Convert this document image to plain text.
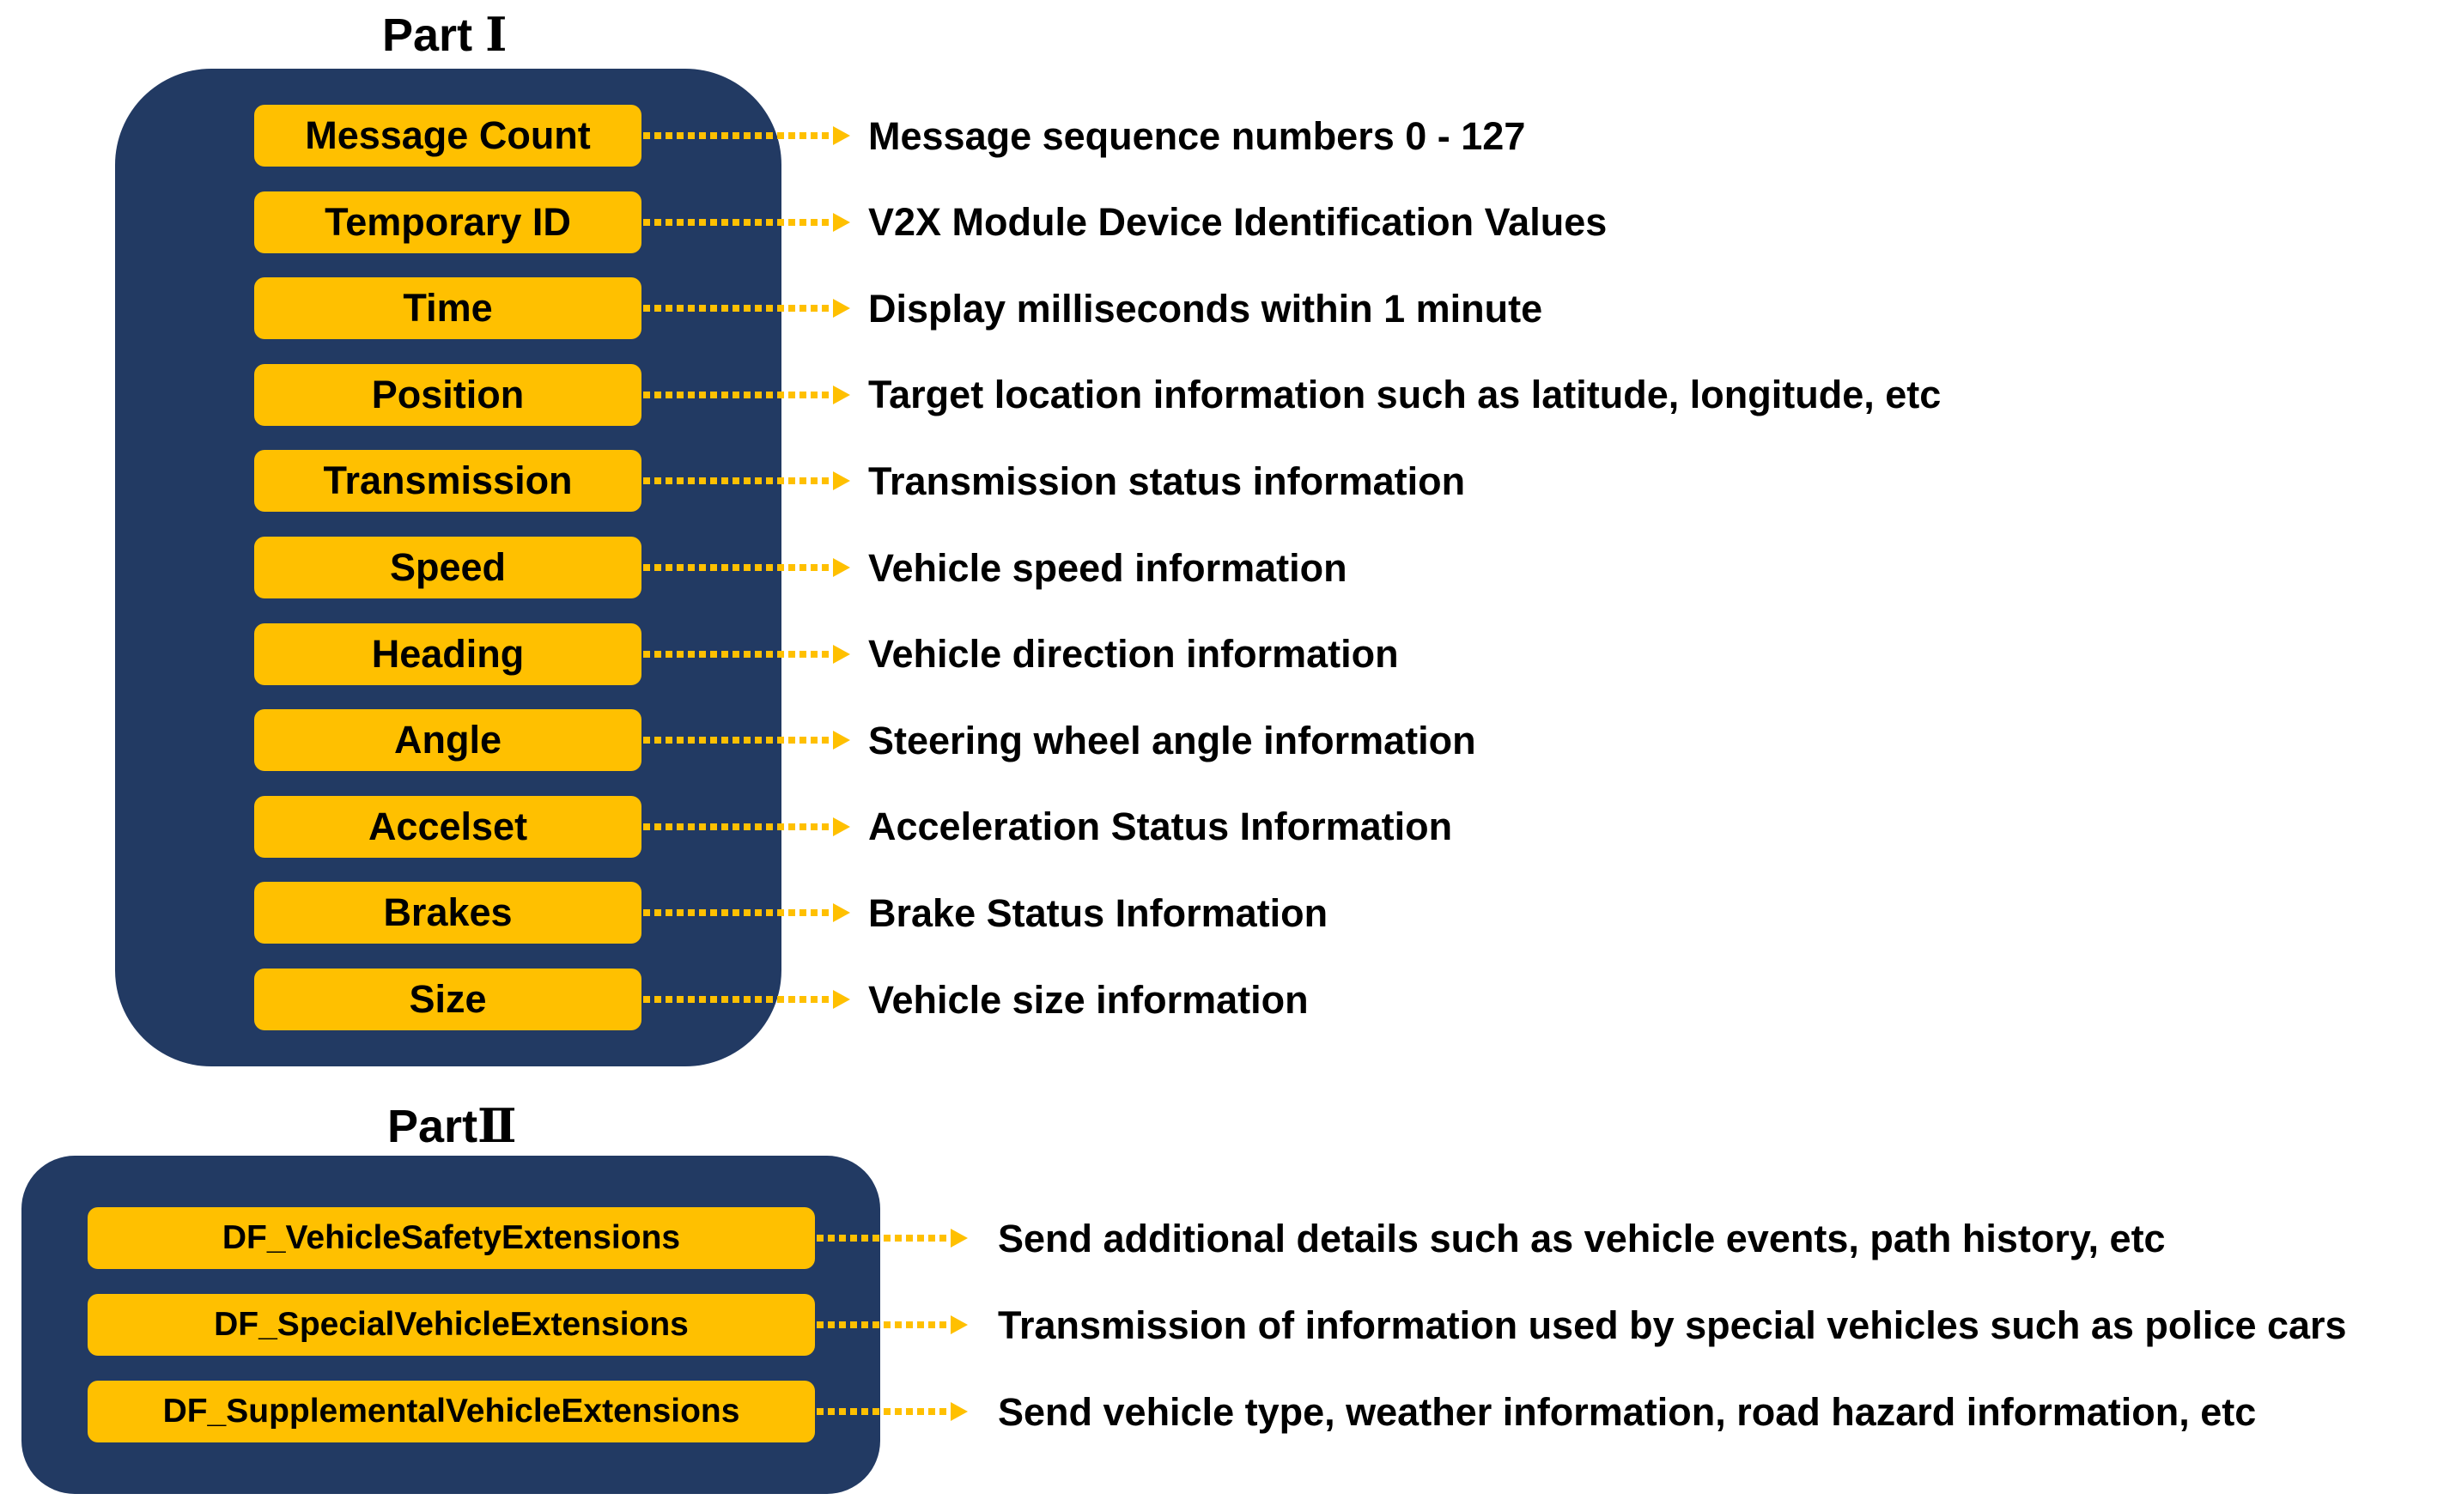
Part Ⅰ
Message Count	Message sequence numbers 0 - 127
Temporary ID	V2X Module Device Identification Values
Time	Display milliseconds within 1 minute
Position	Target location information such as latitude, longitude, etc
Transmission	Transmission status information
Speed	Vehicle speed information
Heading	Vehicle direction information
Angle	Steering wheel angle information
Accelset	Acceleration Status Information
Brakes	Brake Status Information
Size	Vehicle size information
PartⅡ
DF_VehicleSafetyExtensions	Send additional details such as vehicle events, path history, etc
DF_SpecialVehicleExtensions	Transmission of information used by special vehicles such as police cars
DF_SupplementalVehicleExtensions	Send vehicle type, weather information, road hazard information, etc
